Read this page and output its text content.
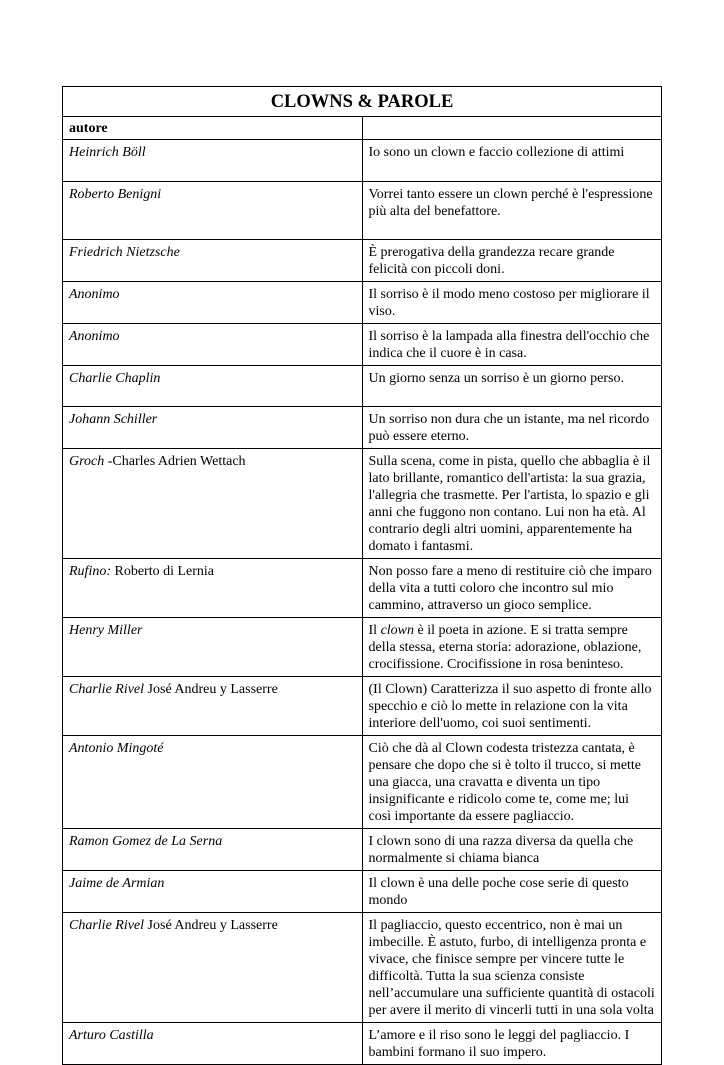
CLOWNS & PAROLE	
autore	
Heinrich Böll	Io sono un clown e faccio collezione di attimi
Roberto Benigni	Vorrei tanto essere un clown perché è l'espressione più alta del benefattore.
Friedrich Nietzsche	È prerogativa della grandezza recare grande felicità con piccoli doni.
Anonimo	Il sorriso è il modo meno costoso per migliorare il viso.
Anonimo	Il sorriso è la lampada alla finestra dell'occhio che indica che il cuore è in casa.
Charlie Chaplin	Un giorno senza un sorriso è un giorno perso.
Johann Schiller	Un sorriso non dura che un istante, ma nel ricordo può essere eterno.
Groch -Charles Adrien Wettach	Sulla scena, come in pista, quello che abbaglia è il lato brillante, romantico dell'artista: la sua grazia, l'allegria che trasmette. Per l'artista, lo spazio e gli anni che fuggono non contano. Lui non ha età. Al contrario degli altri uomini, apparentemente ha domato i fantasmi.
Rufino: Roberto di Lernia	Non posso fare a meno di restituire ciò che imparo della vita a tutti coloro che incontro sul mio cammino, attraverso un gioco semplice.
Henry Miller	Il clown è il poeta in azione. E si tratta sempre della stessa, eterna storia: adorazione, oblazione, crocifissione. Crocifissione in rosa beninteso.
Charlie Rivel José Andreu y Lasserre	(Il Clown) Caratterizza il suo aspetto di fronte allo specchio e ciò lo mette in relazione con la vita interiore dell'uomo, coi suoi sentimenti.
Antonio Mingoté	Ciò che dà al Clown codesta tristezza cantata, è pensare che dopo che si è tolto il trucco, si mette una giacca, una cravatta e diventa un tipo insignificante e ridicolo come te, come me; lui così importante da essere pagliaccio.
Ramon Gomez de La Serna	I clown sono di una razza diversa da quella che normalmente si chiama bianca
Jaime de Armian	Il clown è una delle poche cose serie di questo mondo
Charlie Rivel José Andreu y Lasserre	Il pagliaccio, questo eccentrico, non è mai un imbecille. È astuto, furbo, di intelligenza pronta e vivace, che finisce sempre per vincere tutte le difficoltà. Tutta la sua scienza consiste nell’accumulare una sufficiente quantità di ostacoli per avere il merito di vincerli tutti in una sola volta
Arturo Castilla	L’amore e il riso sono le leggi del pagliaccio. I bambini formano il suo impero.
